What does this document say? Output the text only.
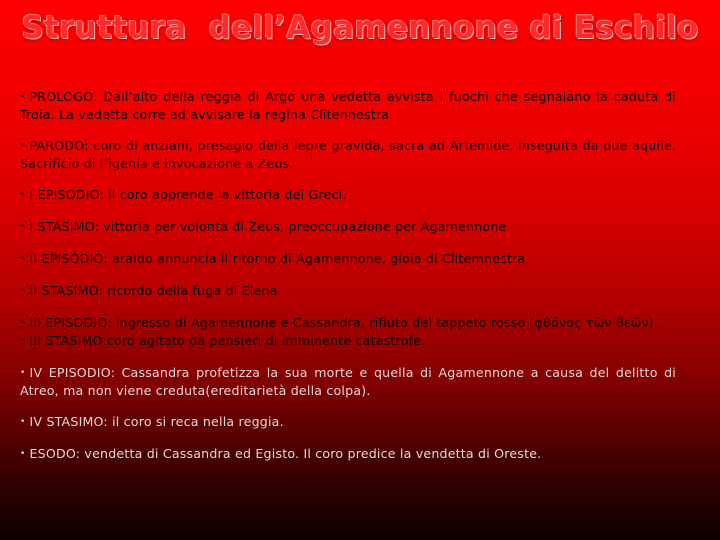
Struttura  dell’Agamennone di Eschilo
• PROLOGO: Dall’alto della reggia di Argo una vedetta avvista i fuochi che segnalano la caduta di Troia. La vedetta corre ad avvisare la regina Clitennestra.
• PARODO: coro di anziani, presagio della lepre gravida, sacra ad Artemide, inseguita da due aquile. Sacrificio di Ifigenia e invocazione a Zeus.
• I EPISODIO: il coro apprende la vittoria dei Greci.
• I STASIMO: vittoria per volontà di Zeus, preoccupazione per Agamennone
• II EPISODIO: araldo annuncia il ritorno di Agamennone, gioia di Clitemnestra.
• II STASIMO: ricordo della fuga di Elena.
• III EPISODIO: ingresso di Agamennone e Cassandra, rifiuto del tappeto rosso (φθόνος τῶν θεῶν).
• III STASIMO:coro agitato da pensieri di imminente catastrofe.
• IV EPISODIO: Cassandra profetizza la sua morte e quella di Agamennone a causa del delitto di Atreo, ma non viene creduta(ereditarietà della colpa).
• IV STASIMO: il coro si reca nella reggia.
• ESODO: vendetta di Cassandra ed Egisto. Il coro predice la vendetta di Oreste.
